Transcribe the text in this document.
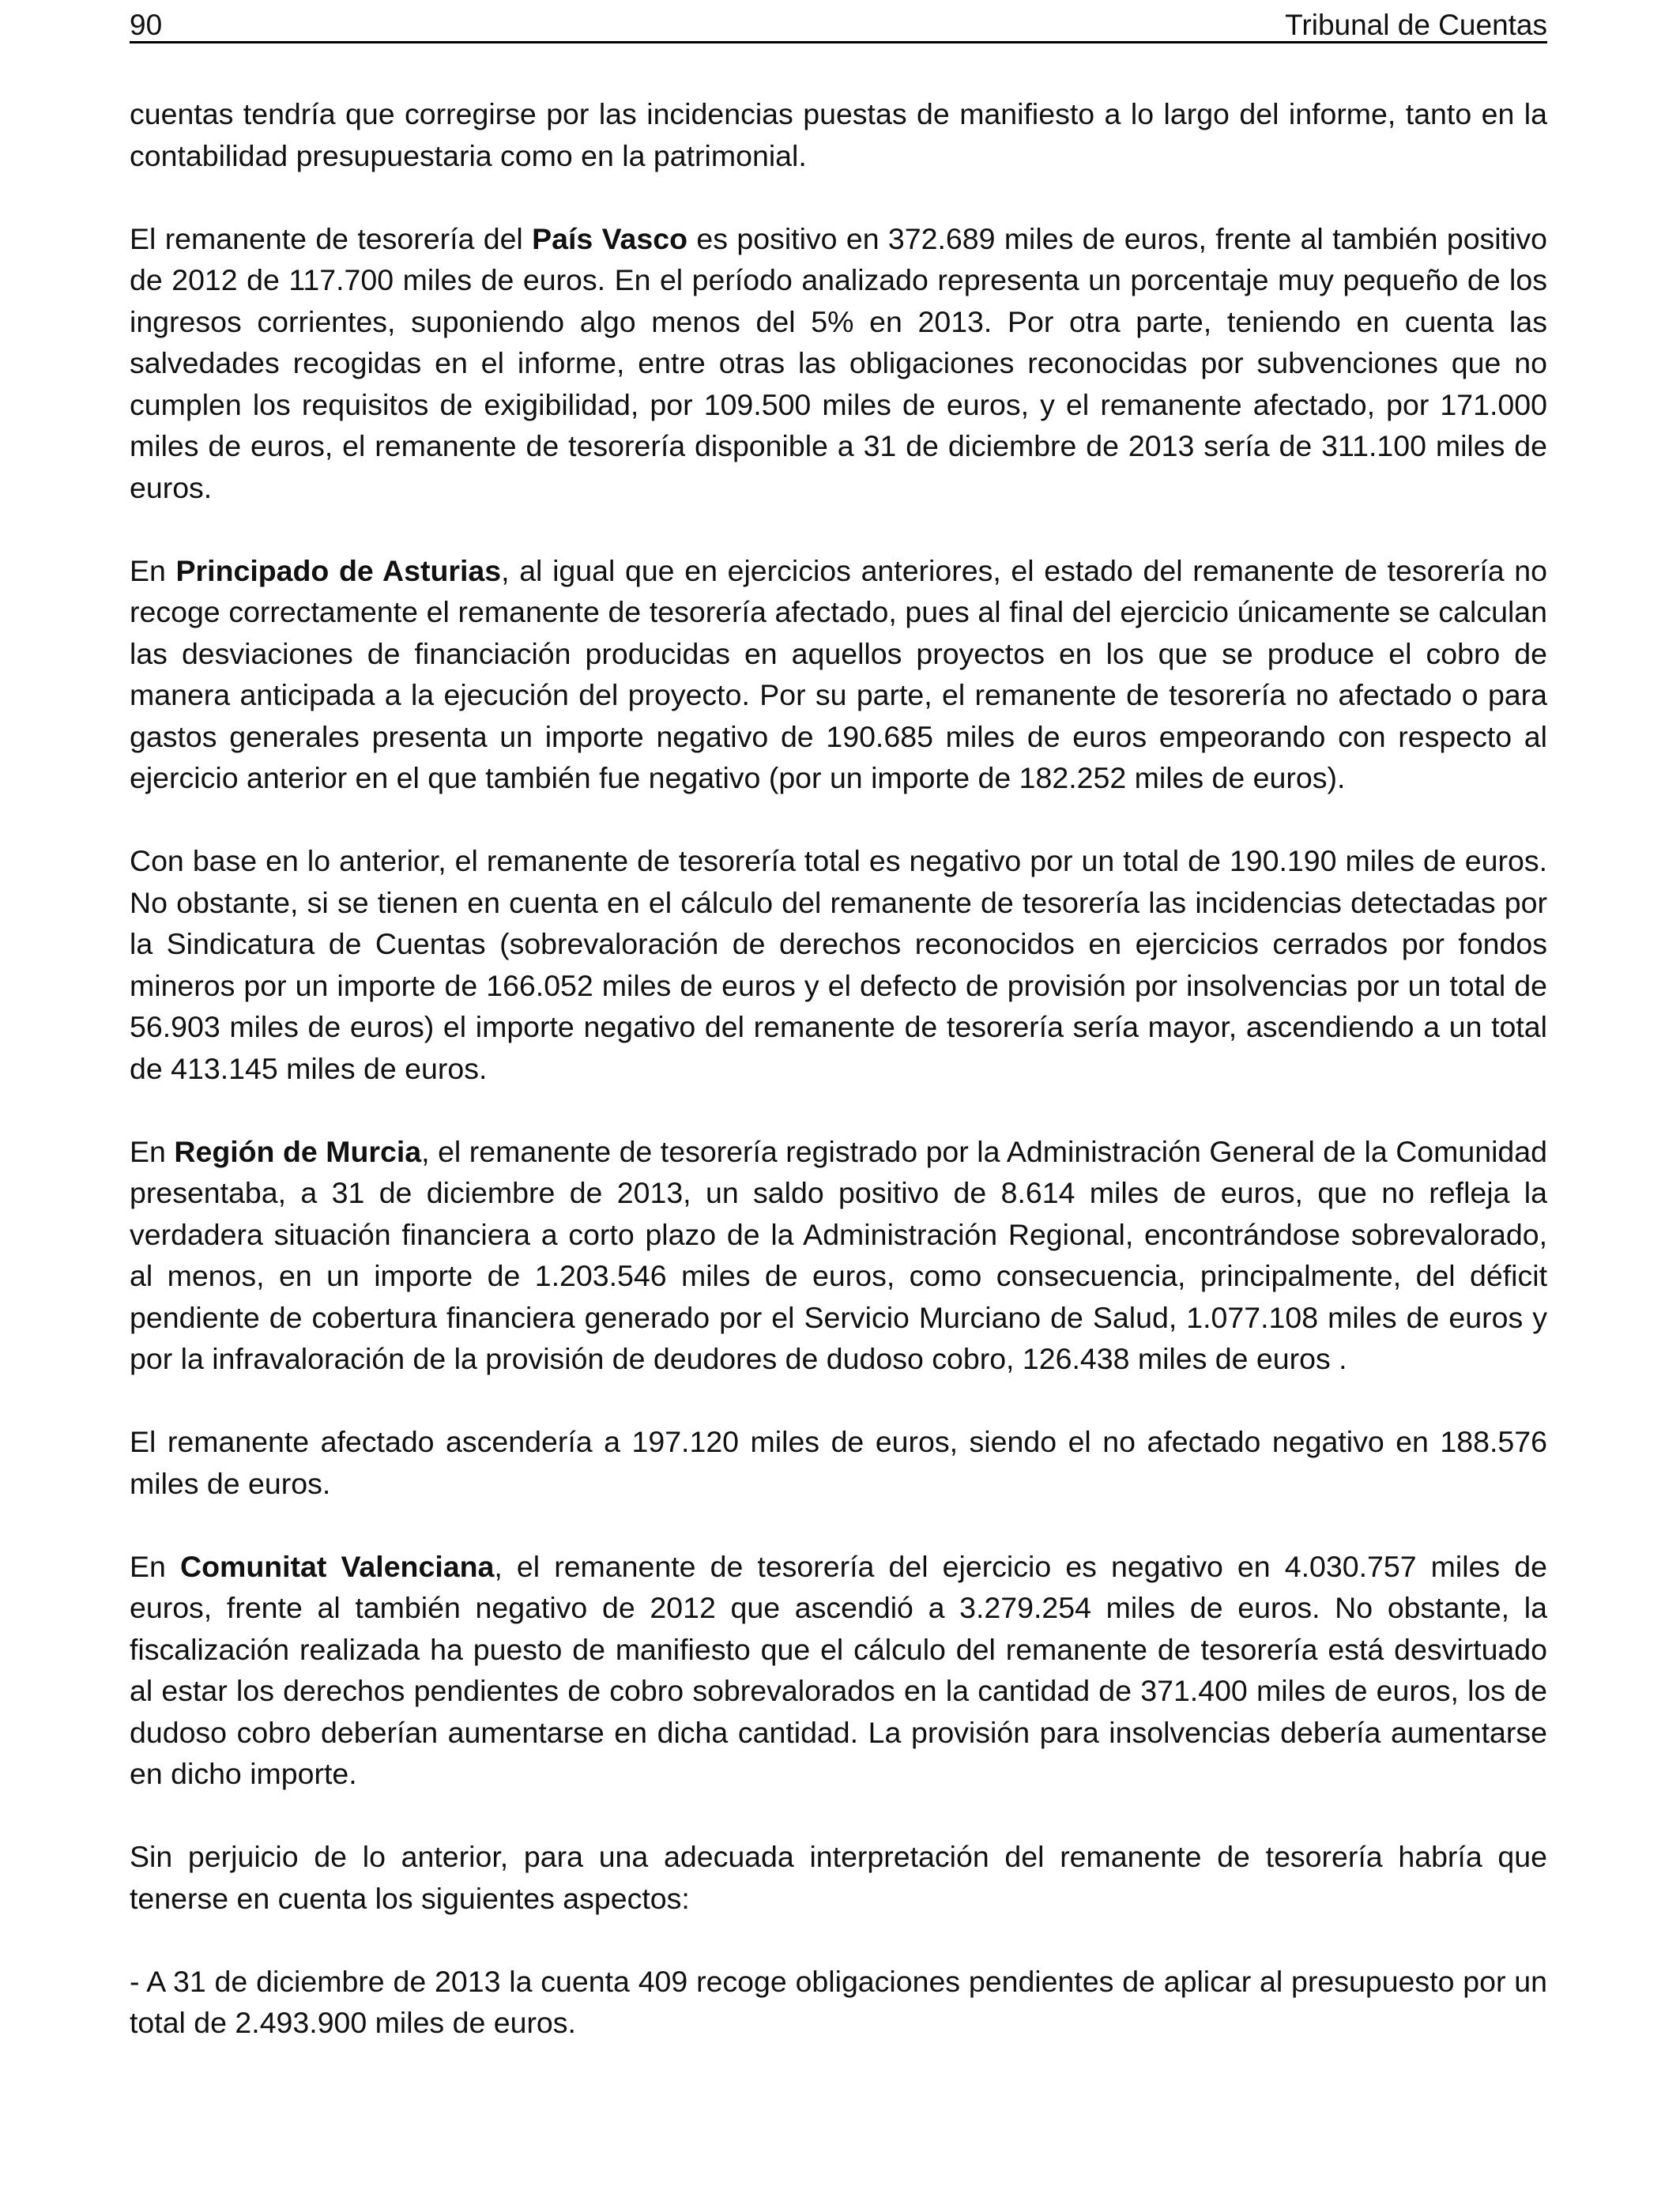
90	Tribunal de Cuentas

cuentas tendría que corregirse por las incidencias puestas de manifiesto a lo largo del informe, tanto en la contabilidad presupuestaria como en la patrimonial.

El remanente de tesorería del País Vasco es positivo en 372.689 miles de euros, frente al también positivo de 2012 de 117.700 miles de euros. En el período analizado representa un porcentaje muy pequeño de los ingresos corrientes, suponiendo algo menos del 5% en 2013. Por otra parte, teniendo en cuenta las salvedades recogidas en el informe, entre otras las obligaciones reconocidas por subvenciones que no cumplen los requisitos de exigibilidad, por 109.500 miles de euros, y el remanente afectado, por 171.000 miles de euros, el remanente de tesorería disponible a 31 de diciembre de 2013 sería de 311.100 miles de euros.

En Principado de Asturias, al igual que en ejercicios anteriores, el estado del remanente de tesorería no recoge correctamente el remanente de tesorería afectado, pues al final del ejercicio únicamente se calculan las desviaciones de financiación producidas en aquellos proyectos en los que se produce el cobro de manera anticipada a la ejecución del proyecto. Por su parte, el remanente de tesorería no afectado o para gastos generales presenta un importe negativo de 190.685 miles de euros empeorando con respecto al ejercicio anterior en el que también fue negativo (por un importe de 182.252 miles de euros).

Con base en lo anterior, el remanente de tesorería total es negativo por un total de 190.190 miles de euros. No obstante, si se tienen en cuenta en el cálculo del remanente de tesorería las incidencias detectadas por la Sindicatura de Cuentas (sobrevaloración de derechos reconocidos en ejercicios cerrados por fondos mineros por un importe de 166.052 miles de euros y el defecto de provisión por insolvencias por un total de 56.903 miles de euros) el importe negativo del remanente de tesorería sería mayor, ascendiendo a un total de 413.145 miles de euros.

En Región de Murcia, el remanente de tesorería registrado por la Administración General de la Comunidad presentaba, a 31 de diciembre de 2013, un saldo positivo de 8.614 miles de euros, que no refleja la verdadera situación financiera a corto plazo de la Administración Regional, encontrándose sobrevalorado, al menos, en un importe de 1.203.546 miles de euros, como consecuencia, principalmente, del déficit pendiente de cobertura financiera generado por el Servicio Murciano de Salud, 1.077.108 miles de euros y por la infravaloración de la provisión de deudores de dudoso cobro, 126.438 miles de euros .

El remanente afectado ascendería a 197.120 miles de euros, siendo el no afectado negativo en 188.576 miles de euros.

En Comunitat Valenciana, el remanente de tesorería del ejercicio es negativo en 4.030.757 miles de euros, frente al también negativo de 2012 que ascendió a 3.279.254 miles de euros. No obstante, la fiscalización realizada ha puesto de manifiesto que el cálculo del remanente de tesorería está desvirtuado al estar los derechos pendientes de cobro sobrevalorados en la cantidad de 371.400 miles de euros, los de dudoso cobro deberían aumentarse en dicha cantidad. La provisión para insolvencias debería aumentarse en dicho importe.

Sin perjuicio de lo anterior, para una adecuada interpretación del remanente de tesorería habría que tenerse en cuenta los siguientes aspectos:

- A 31 de diciembre de 2013 la cuenta 409 recoge obligaciones pendientes de aplicar al presupuesto por un total de 2.493.900 miles de euros.
